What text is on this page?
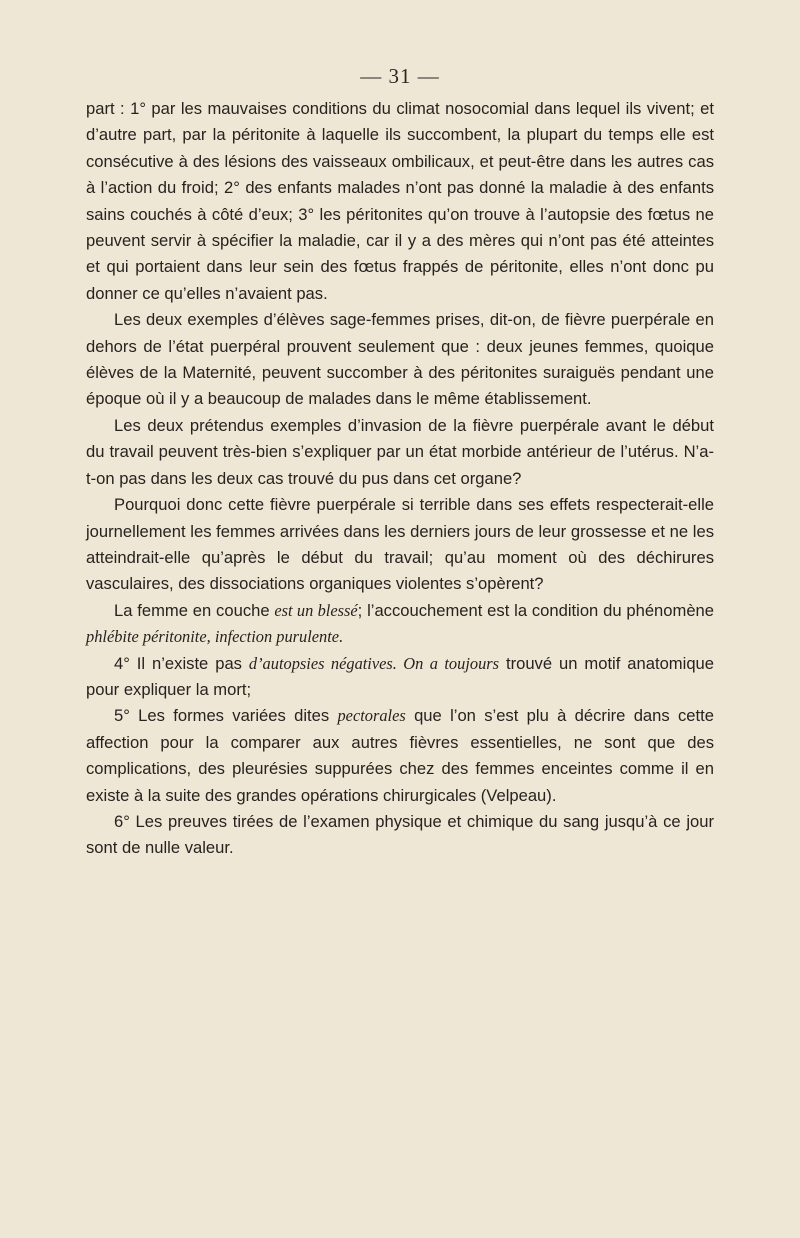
— 31 —

part : 1° par les mauvaises conditions du climat nosocomial dans lequel ils vivent; et d’autre part, par la péritonite à laquelle ils succombent, la plupart du temps elle est consécutive à des lésions des vaisseaux ombilicaux, et peut-être dans les autres cas à l’action du froid; 2° des enfants malades n’ont pas donné la maladie à des enfants sains couchés à côté d’eux; 3° les péritonites qu’on trouve à l’autopsie des fœtus ne peuvent servir à spécifier la maladie, car il y a des mères qui n’ont pas été atteintes et qui portaient dans leur sein des fœtus frappés de péritonite, elles n’ont donc pu donner ce qu’elles n’avaient pas.

Les deux exemples d’élèves sage-femmes prises, dit-on, de fièvre puerpérale en dehors de l’état puerpéral prouvent seulement que : deux jeunes femmes, quoique élèves de la Maternité, peuvent succomber à des péritonites suraiguës pendant une époque où il y a beaucoup de malades dans le même établissement.

Les deux prétendus exemples d’invasion de la fièvre puerpérale avant le début du travail peuvent très-bien s’expliquer par un état morbide antérieur de l’utérus. N’a-t-on pas dans les deux cas trouvé du pus dans cet organe?

Pourquoi donc cette fièvre puerpérale si terrible dans ses effets respecterait-elle journellement les femmes arrivées dans les derniers jours de leur grossesse et ne les atteindrait-elle qu’après le début du travail; qu’au moment où des déchirures vasculaires, des dissociations organiques violentes s’opèrent?

La femme en couche est un blessé; l’accouchement est la condition du phénomène phlébite péritonite, infection purulente.

4° Il n’existe pas d’autopsies négatives. On a toujours trouvé un motif anatomique pour expliquer la mort;

5° Les formes variées dites pectorales que l’on s’est plu à décrire dans cette affection pour la comparer aux autres fièvres essentielles, ne sont que des complications, des pleurésies suppurées chez des femmes enceintes comme il en existe à la suite des grandes opérations chirurgicales (Velpeau).

6° Les preuves tirées de l’examen physique et chimique du sang jusqu’à ce jour sont de nulle valeur.
